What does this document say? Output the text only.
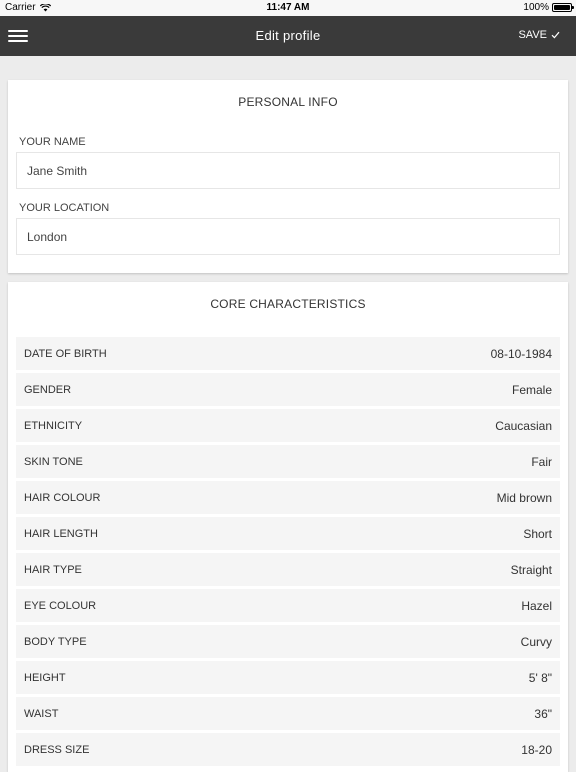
Carrier	11:47 AM	100%
Edit profile	SAVE
PERSONAL INFO
YOUR NAME
Jane Smith
YOUR LOCATION
London
CORE CHARACTERISTICS
DATE OF BIRTH	08-10-1984
GENDER	Female
ETHNICITY	Caucasian
SKIN TONE	Fair
HAIR COLOUR	Mid brown
HAIR LENGTH	Short
HAIR TYPE	Straight
EYE COLOUR	Hazel
BODY TYPE	Curvy
HEIGHT	5' 8"
WAIST	36"
DRESS SIZE	18-20
